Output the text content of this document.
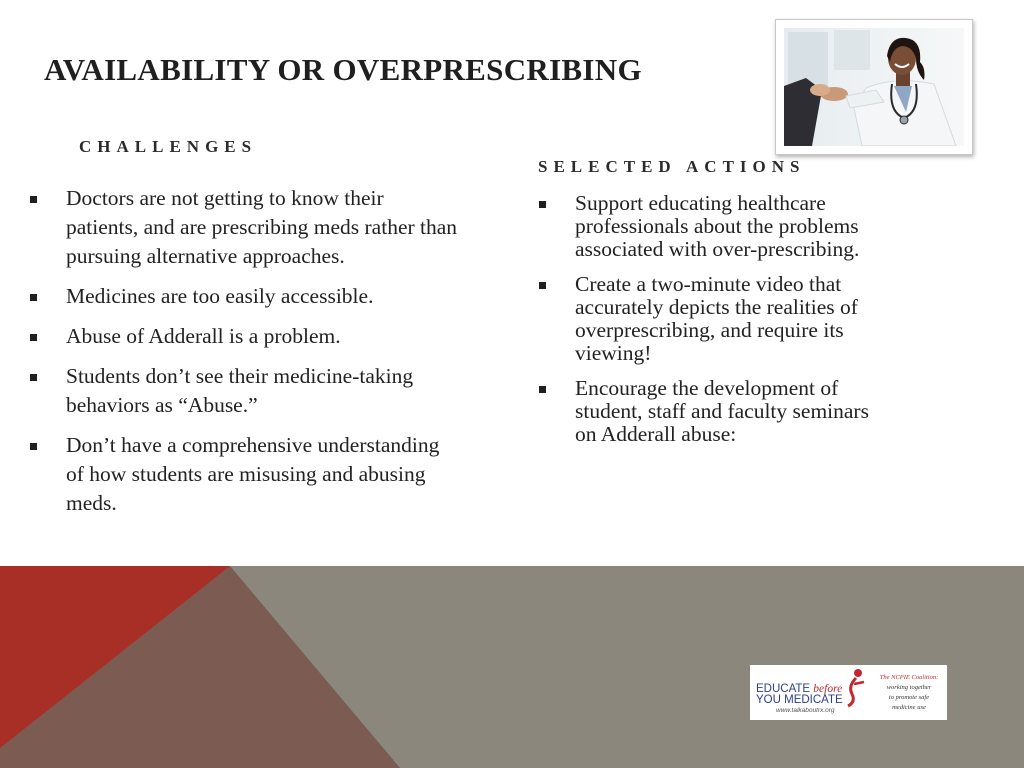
AVAILABILITY OR OVERPRESCRIBING
CHALLENGES
Doctors are not getting to know their patients, and are prescribing meds rather than pursuing alternative approaches.
Medicines are too easily accessible.
Abuse of Adderall is a problem.
Students don’t see their medicine-taking behaviors as “Abuse.”
Don’t have a comprehensive understanding of how students are misusing and abusing meds.
SELECTED ACTIONS
Support educating healthcare professionals about the problems associated with over-prescribing.
Create a two-minute video that accurately depicts the realities of overprescribing, and require its viewing!
Encourage the development of student, staff and faculty seminars on Adderall abuse:
EDUCATE before
YOU MEDICATE
www.talkaboutrx.org
The NCPIE Coalition:
working together
to promote safe
medicine use
